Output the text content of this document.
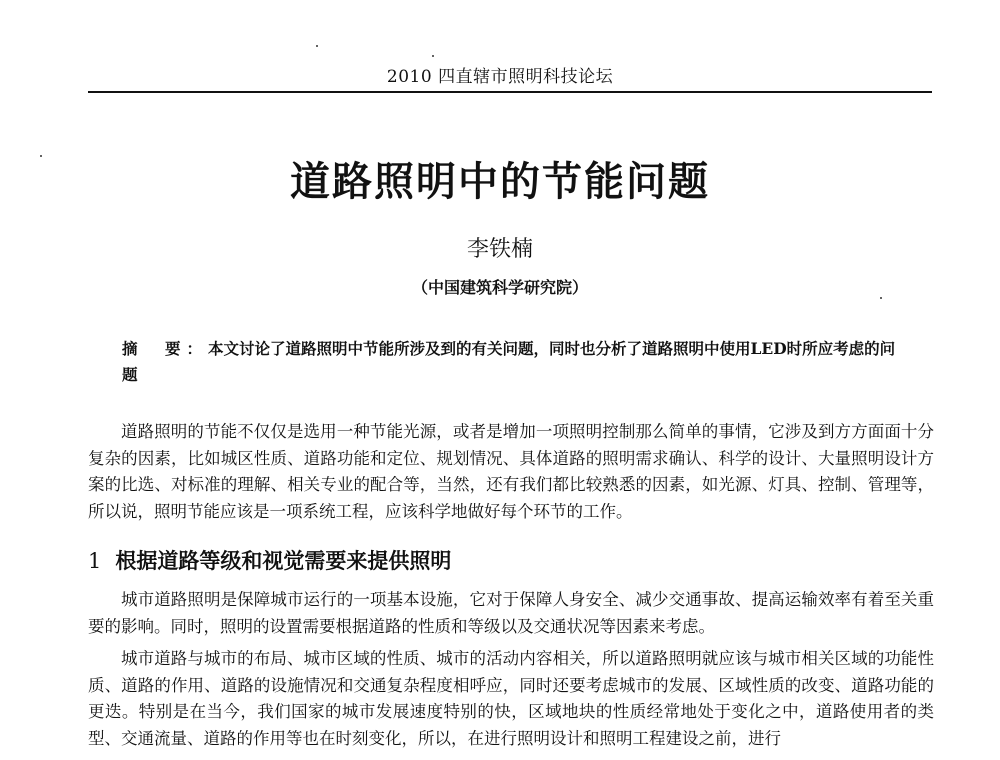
2010 四直辖市照明科技论坛
道路照明中的节能问题
李铁楠
（中国建筑科学研究院）
摘　要：本文讨论了道路照明中节能所涉及到的有关问题，同时也分析了道路照明中使用LED时所应考虑的问题
道路照明的节能不仅仅是选用一种节能光源，或者是增加一项照明控制那么简单的事情，它涉及到方方面面十分复杂的因素，比如城区性质、道路功能和定位、规划情况、具体道路的照明需求确认、科学的设计、大量照明设计方案的比选、对标准的理解、相关专业的配合等，当然，还有我们都比较熟悉的因素，如光源、灯具、控制、管理等，所以说，照明节能应该是一项系统工程，应该科学地做好每个环节的工作。
1 根据道路等级和视觉需要来提供照明
城市道路照明是保障城市运行的一项基本设施，它对于保障人身安全、减少交通事故、提高运输效率有着至关重要的影响。同时，照明的设置需要根据道路的性质和等级以及交通状况等因素来考虑。
城市道路与城市的布局、城市区域的性质、城市的活动内容相关，所以道路照明就应该与城市相关区域的功能性质、道路的作用、道路的设施情况和交通复杂程度相呼应，同时还要考虑城市的发展、区域性质的改变、道路功能的更迭。特别是在当今，我们国家的城市发展速度特别的快，区域地块的性质经常地处于变化之中，道路使用者的类型、交通流量、道路的作用等也在时刻变化，所以，在进行照明设计和照明工程建设之前，进行
